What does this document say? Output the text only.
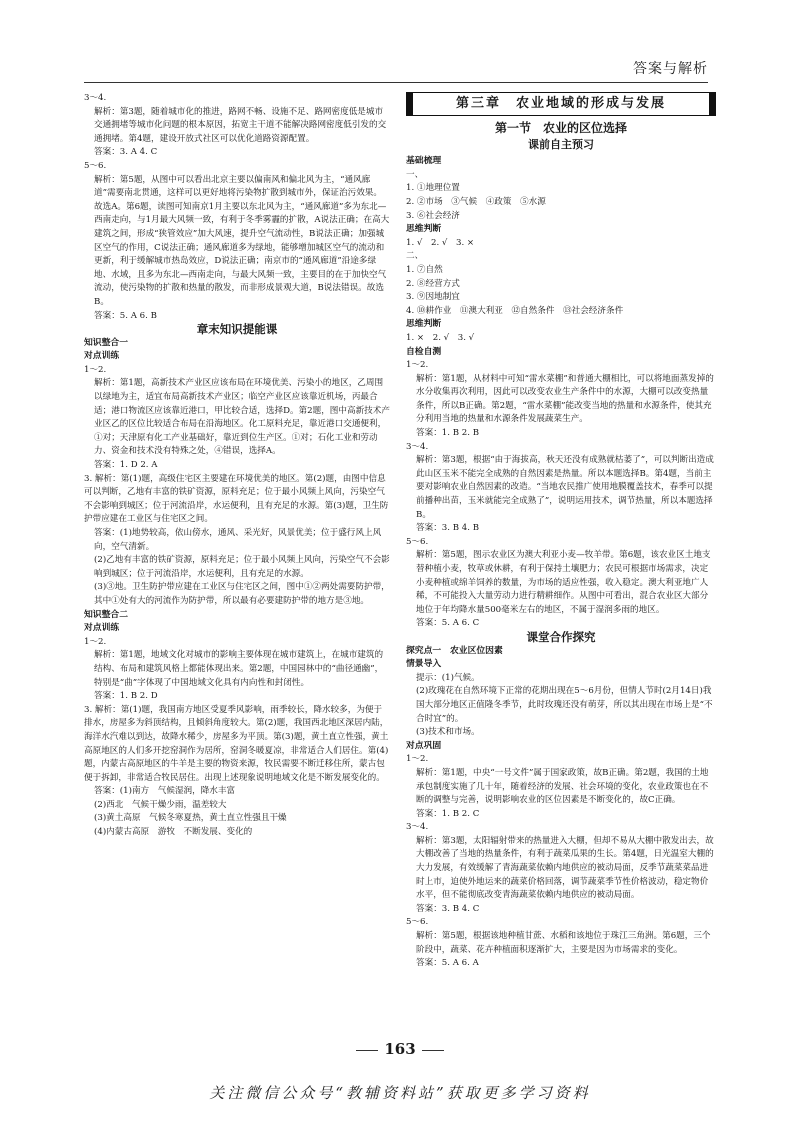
答案与解析

3～4.

解析：第3题，随着城市化的推进，路网不畅、设施不足、路网密度低是城市交通拥堵等城市化问题的根本原因，拓宽主干道不能解决路网密度低引发的交通拥堵。第4题，建设开放式社区可以优化道路资源配置。

答案：3. A 4. C

5～6.

解析：第5题，从图中可以看出北京主要以偏南风和偏北风为主，“通风廊道”需要南北贯通，这样可以更好地将污染物扩散到城市外，保证治污效果。故选A。第6题，读图可知南京1月主要以东北风为主，“通风廊道”多为东北—西南走向，与1月最大风频一致，有利于冬季雾霾的扩散，A说法正确；在高大建筑之间，形成“狭管效应”加大风速，提升空气流动性，B说法正确；加强城区空气的作用，C说法正确；通风廊道多为绿地，能够增加城区空气的流动和更新，利于缓解城市热岛效应，D说法正确；南京市的“通风廊道”沿途多绿地、水域，且多为东北—西南走向，与最大风频一致，主要目的在于加快空气流动，使污染物的扩散和热量的散发，而非形成景观大道，B说法错误。故选B。

答案：5. A 6. B

章末知识提能课

知识整合一

对点训练

1～2.

解析：第1题，高新技术产业区应该布局在环境优美、污染小的地区，乙周围以绿地为主，适宜布局高新技术产业区；临空产业区应该靠近机场，丙最合适；港口物流区应该靠近港口，甲比较合适，选择D。第2题，图中高新技术产业区乙的区位比较适合布局在沿海地区。化工原料充足，靠近港口交通便利，①对；天津原有化工产业基础好，靠近到位生产区。①对；石化工业和劳动力、资金和技术没有特殊之处，④错误，选择A。

答案：1. D 2. A

3. 解析：第(1)题，高级住宅区主要建在环境优美的地区。第(2)题，由图中信息可以判断，乙地有丰富的铁矿资源，原料充足；位于最小风频上风向，污染空气不会影响到城区；位于河流沿岸，水运便利，且有充足的水源。第(3)题，卫生防护带应建在工业区与住宅区之间。

答案：(1)地势较高，依山傍水，通风、采光好，风景优美；位于盛行风上风向，空气清新。

(2)乙地有丰富的铁矿资源，原料充足；位于最小风频上风向，污染空气不会影响到城区；位于河流沿岸，水运便利，且有充足的水源。

(3)③地。卫生防护带应建在工业区与住宅区之间，图中①②两处需要防护带，其中①处有大的河流作为防护带，所以最有必要建防护带的地方是③地。

知识整合二

对点训练

1～2.

解析：第1题，地域文化对城市的影响主要体现在城市建筑上，在城市建筑的结构、布局和建筑风格上都能体现出来。第2题，中国园林中的“曲径通幽”，特别是“曲”字体现了中国地域文化具有内向性和封闭性。

答案：1. B 2. D

3. 解析：第(1)题，我国南方地区受夏季风影响，雨季较长，降水较多，为便于排水，房屋多为斜顶结构，且倾斜角度较大。第(2)题，我国西北地区深居内陆，海洋水汽难以到达，故降水稀少，房屋多为平顶。第(3)题，黄土直立性强，黄土高原地区的人们多开挖窑洞作为居所，窑洞冬暖夏凉，非常适合人们居住。第(4)题，内蒙古高原地区的牛羊是主要的物资来源，牧民需要不断迁移住所，蒙古包便于拆卸，非常适合牧民居住。出现上述现象说明地域文化是不断发展变化的。

答案：(1)南方　气候湿润，降水丰富

(2)西北　气候干燥少雨，温差较大

(3)黄土高原　气候冬寒夏热，黄土直立性强且干燥

(4)内蒙古高原　游牧　不断发展、变化的

第三章　农业地域的形成与发展
第一节　农业的区位选择
课前自主预习

基础梳理

一、

1. ①地理位置

2. ②市场　③气候　④政策　⑤水源

3. ⑥社会经济

思维判断

1. √　2. √　3. ×

二、

1. ⑦自然

2. ⑧经营方式

3. ⑨因地制宜

4. ⑩耕作业　⑪澳大利亚　⑫自然条件　⑬社会经济条件

思维判断

1. ×　2. √　3. √

自检自测

1～2.

解析：第1题，从材料中可知“雷水菜棚”和普通大棚相比，可以将地面蒸发掉的水分收集再次利用，因此可以改变农业生产条件中的水源，大棚可以改变热量条件，所以B正确。第2题，“雷水菜棚”能改变当地的热量和水源条件，使其充分利用当地的热量和水源条件发展蔬菜生产。

答案：1. B 2. B

3～4.

解析：第3题，根据“由于海拔高，秋天还没有成熟就枯萎了”，可以判断出造成此山区玉米不能完全成熟的自然因素是热量。所以本题选择B。第4题，当前主要对影响农业自然因素的改造。“当地农民推广使用地膜覆盖技术，春季可以提前播种出苗，玉米就能完全成熟了”，说明运用技术，调节热量，所以本题选择B。

答案：3. B 4. B

5～6.

解析：第5题，图示农业区为澳大利亚小麦—牧羊带。第6题，该农业区土地支替种植小麦，牧草或休耕，有利于保持土壤肥力；农民可根据市场需求，决定小麦种植或绵羊饲养的数量，为市场的适应性强，收入稳定。澳大利亚地广人稀，不可能投入大量劳动力进行精耕细作。从图中可看出，混合农业区大部分地位于年均降水量500毫米左右的地区，不属于湿润多雨的地区。

答案：5. A 6. C

课堂合作探究

探究点一　农业区位因素

情景导入

提示：(1)气候。

(2)玫瑰花在自然环境下正常的花期出现在5～6月份，但情人节时(2月14日)我国大部分地区正值隆冬季节，此时玫瑰还没有萌芽，所以其出现在市场上是“不合时宜”的。

(3)技术和市场。

对点巩固

1～2.

解析：第1题，中央“一号文件”属于国家政策，故B正确。第2题，我国的土地承包制度实施了几十年，随着经济的发展、社会环境的变化，农业政策也在不断的调整与完善，说明影响农业的区位因素是不断变化的，故C正确。

答案：1. B 2. C

3～4.

解析：第3题，太阳辐射带来的热量进入大棚，但却不易从大棚中散发出去，故大棚改善了当地的热量条件，有利于蔬菜瓜果的生长。第4题，日光温室大棚的大力发展，有效缓解了青海蔬菜依赖内地供应的被动局面，反季节蔬菜菜品进时上市，迫使外地运来的蔬菜价格回落，调节蔬菜季节性价格波动，稳定物价水平，但不能彻底改变青海蔬菜依赖内地供应的被动局面。

答案：3. B 4. C

5～6.

解析：第5题，根据该地种植甘蔗、水稻和该地位于珠江三角洲。第6题，三个阶段中，蔬菜、花卉种植面积逐渐扩大，主要是因为市场需求的变化。

答案：5. A 6. A

163
关注微信公众号“教辅资料站”获取更多学习资料
